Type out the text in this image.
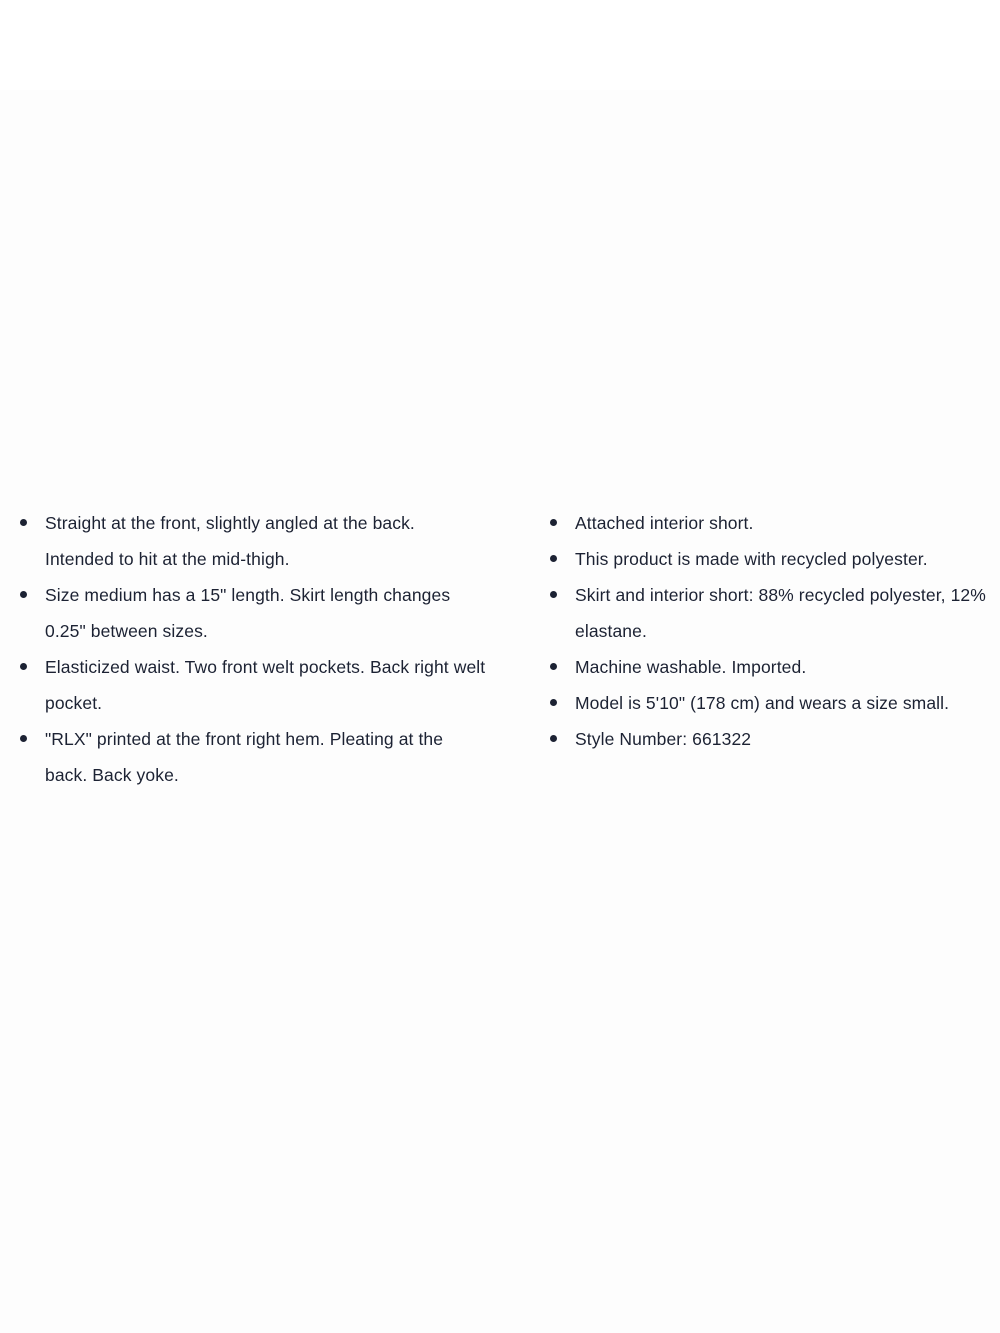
Straight at the front, slightly angled at the back. Intended to hit at the mid-thigh.
Size medium has a 15" length. Skirt length changes 0.25" between sizes.
Elasticized waist. Two front welt pockets. Back right welt pocket.
"RLX" printed at the front right hem. Pleating at the back. Back yoke.
Attached interior short.
This product is made with recycled polyester.
Skirt and interior short: 88% recycled polyester, 12% elastane.
Machine washable. Imported.
Model is 5'10" (178 cm) and wears a size small.
Style Number: 661322
